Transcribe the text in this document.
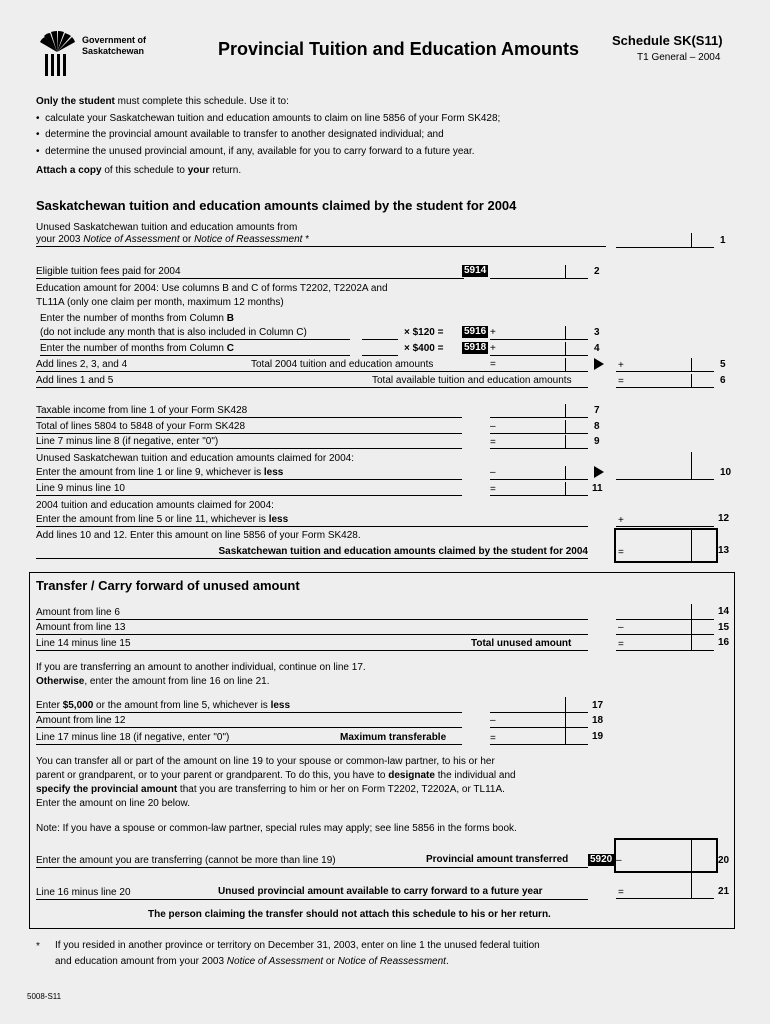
Government of
Saskatchewan	Provincial Tuition and Education Amounts	Schedule SK(S11)
T1 General – 2004
Only the student must complete this schedule. Use it to:
•  calculate your Saskatchewan tuition and education amounts to claim on line 5856 of your Form SK428;
•  determine the provincial amount available to transfer to another designated individual; and
•  determine the unused provincial amount, if any, available for you to carry forward to a future year.
Attach a copy of this schedule to your return.
Saskatchewan tuition and education amounts claimed by the student for 2004
Unused Saskatchewan tuition and education amounts from
your 2003 Notice of Assessment or Notice of Reassessment *	1
Eligible tuition fees paid for 2004	5914	2
Education amount for 2004: Use columns B and C of forms T2202, T2202A and
TL11A (only one claim per month, maximum 12 months)
Enter the number of months from Column B
(do not include any month that is also included in Column C)	× $120 = 5916 +	3
Enter the number of months from Column C	× $400 = 5918 +	4
Add lines 2, 3, and 4	Total 2004 tuition and education amounts	=	+	5
Add lines 1 and 5	Total available tuition and education amounts	=	6
Taxable income from line 1 of your Form SK428	7
Total of lines 5804 to 5848 of your Form SK428	–	8
Line 7 minus line 8 (if negative, enter "0")	=	9
Unused Saskatchewan tuition and education amounts claimed for 2004:
Enter the amount from line 1 or line 9, whichever is less	–	10
Line 9 minus line 10	=	11
2004 tuition and education amounts claimed for 2004:
Enter the amount from line 5 or line 11, whichever is less	+	12
Add lines 10 and 12. Enter this amount on line 5856 of your Form SK428.
Saskatchewan tuition and education amounts claimed by the student for 2004	=	13
Transfer / Carry forward of unused amount
Amount from line 6	14
Amount from line 13	–	15
Line 14 minus line 15	Total unused amount	=	16
If you are transferring an amount to another individual, continue on line 17.
Otherwise, enter the amount from line 16 on line 21.
Enter $5,000 or the amount from line 5, whichever is less	17
Amount from line 12	–	18
Line 17 minus line 18 (if negative, enter "0")	Maximum transferable	=	19
You can transfer all or part of the amount on line 19 to your spouse or common-law partner, to his or her
parent or grandparent, or to your parent or grandparent. To do this, you have to designate the individual and
specify the provincial amount that you are transferring to him or her on Form T2202, T2202A, or TL11A.
Enter the amount on line 20 below.
Note: If you have a spouse or common-law partner, special rules may apply; see line 5856 in the forms book.
Enter the amount you are transferring (cannot be more than line 19)	Provincial amount transferred 5920 –	20
Line 16 minus line 20	Unused provincial amount available to carry forward to a future year	=	21
The person claiming the transfer should not attach this schedule to his or her return.
* If you resided in another province or territory on December 31, 2003, enter on line 1 the unused federal tuition
and education amount from your 2003 Notice of Assessment or Notice of Reassessment.
5008-S11
